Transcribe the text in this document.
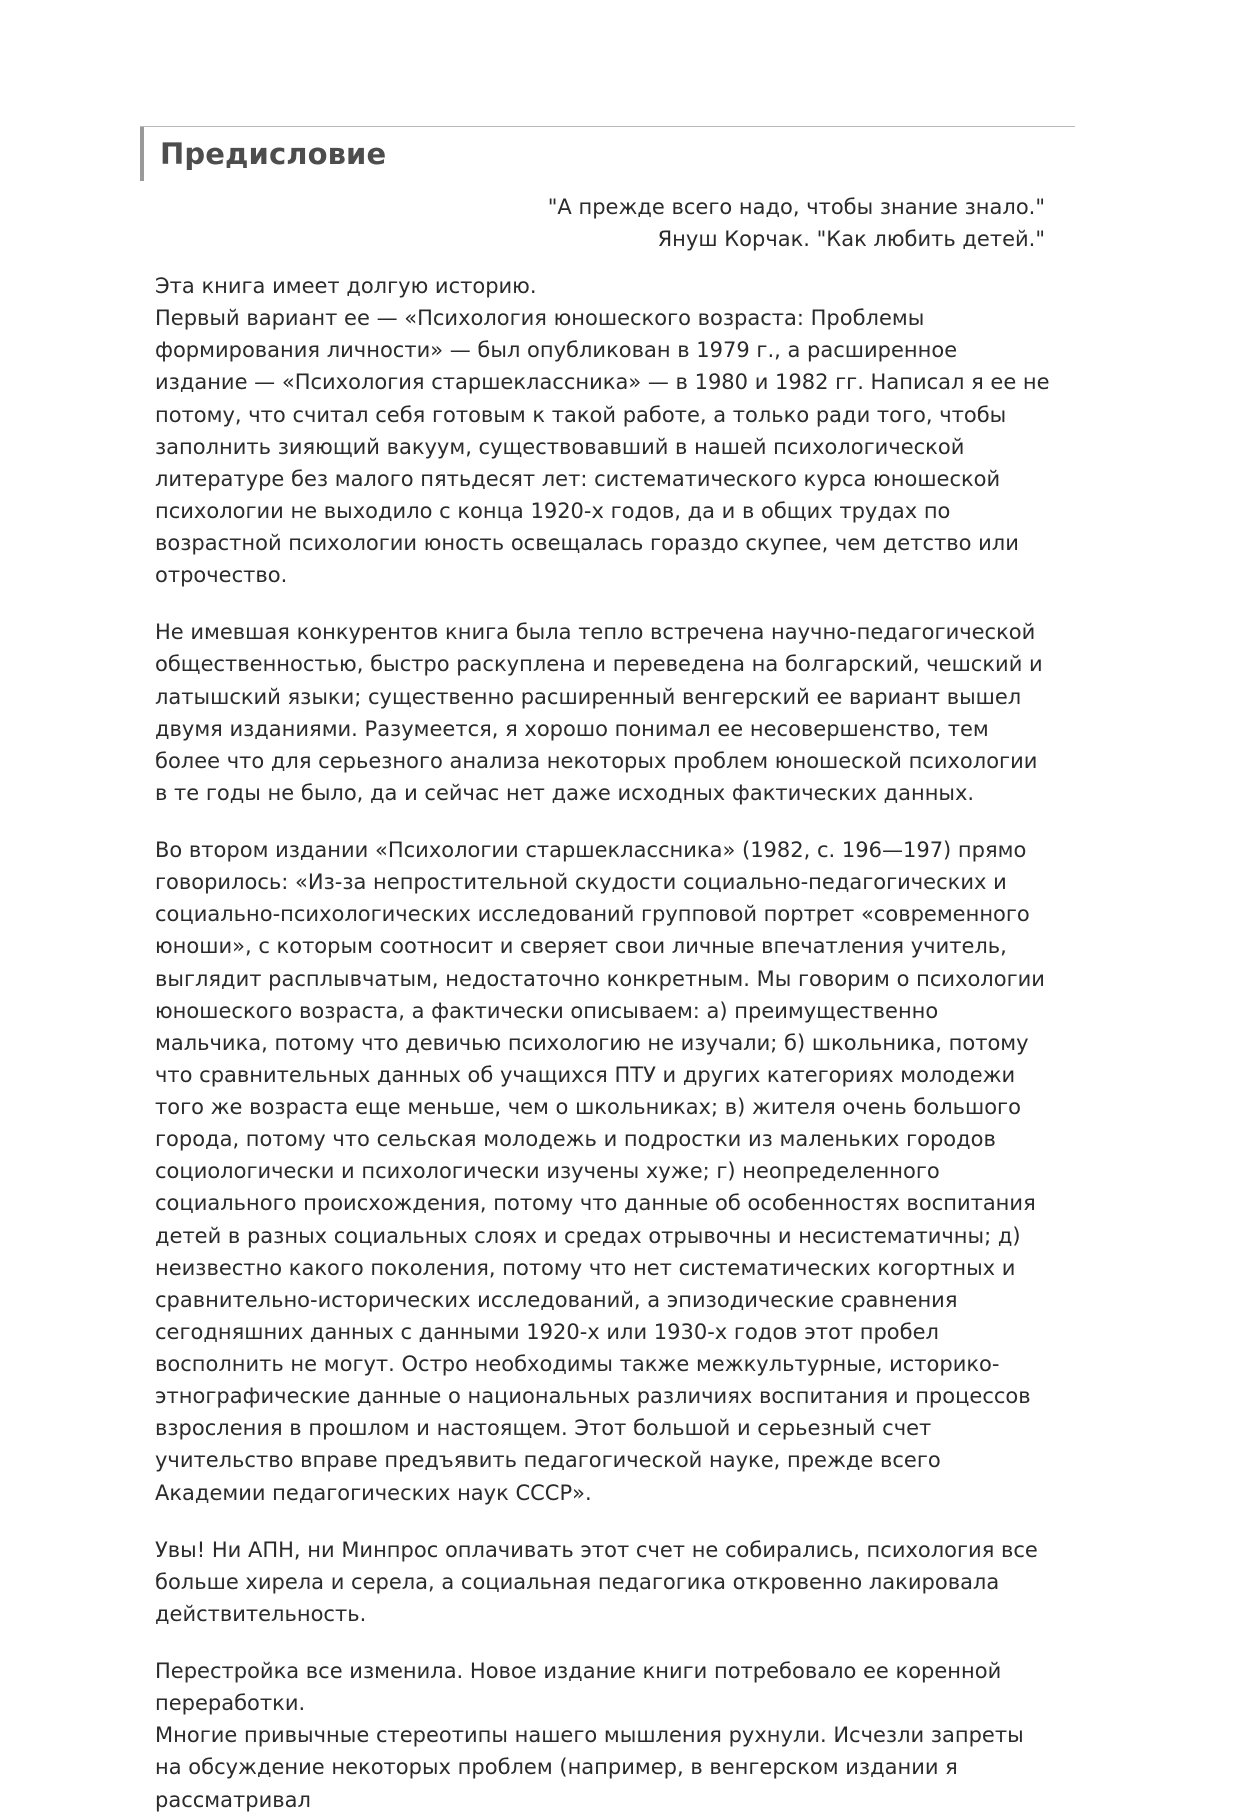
Предисловие
"А прежде всего надо, чтобы знание знало."
Януш Корчак. "Как любить детей."

Эта книга имеет долгую историю.

Первый вариант ее — «Психология юношеского возраста: Проблемы формирования личности» — был опубликован в 1979 г., а расширенное издание — «Психология старшеклассника» — в 1980 и 1982 гг. Написал я ее не потому, что считал себя готовым к такой работе, а только ради того, чтобы заполнить зияющий вакуум, существовавший в нашей психологической литературе без малого пятьдесят лет: систематического курса юношеской психологии не выходило с конца 1920-х годов, да и в общих трудах по возрастной психологии юность освещалась гораздо скупее, чем детство или отрочество.

Не имевшая конкурентов книга была тепло встречена научно-педагогической общественностью, быстро раскуплена и переведена на болгарский, чешский и латышский языки; существенно расширенный венгерский ее вариант вышел двумя изданиями. Разумеется, я хорошо понимал ее несовершенство, тем более что для серьезного анализа некоторых проблем юношеской психологии в те годы не было, да и сейчас нет даже исходных фактических данных.

Во втором издании «Психологии старшеклассника» (1982, с. 196—197) прямо говорилось: «Из-за непростительной скудости социально-педагогических и социально-психологических исследований групповой портрет «современного юноши», с которым соотносит и сверяет свои личные впечатления учитель, выглядит расплывчатым, недостаточно конкретным. Мы говорим о психологии юношеского возраста, а фактически описываем: а) преимущественно мальчика, потому что девичью психологию не изучали; б) школьника, потому что сравнительных данных об учащихся ПТУ и других категориях молодежи того же возраста еще меньше, чем о школьниках; в) жителя очень большого города, потому что сельская молодежь и подростки из маленьких городов социологически и психологически изучены хуже; г) неопределенного социального происхождения, потому что данные об особенностях воспитания детей в разных социальных слоях и средах отрывочны и несистематичны; д) неизвестно какого поколения, потому что нет систематических когортных и сравнительно-исторических исследований, а эпизодические сравнения сегодняшних данных с данными 1920-х или 1930-х годов этот пробел восполнить не могут. Остро необходимы также межкультурные, историко-этнографические данные о национальных различиях воспитания и процессов взросления в прошлом и настоящем. Этот большой и серьезный счет учительство вправе предъявить педагогической науке, прежде всего Академии педагогических наук СССР».

Увы! Ни АПН, ни Минпрос оплачивать этот счет не собирались, психология все больше хирела и серела, а социальная педагогика откровенно лакировала действительность.

Перестройка все изменила. Новое издание книги потребовало ее коренной переработки.

Многие привычные стереотипы нашего мышления рухнули. Исчезли запреты на обсуждение некоторых проблем (например, в венгерском издании я рассматривал
